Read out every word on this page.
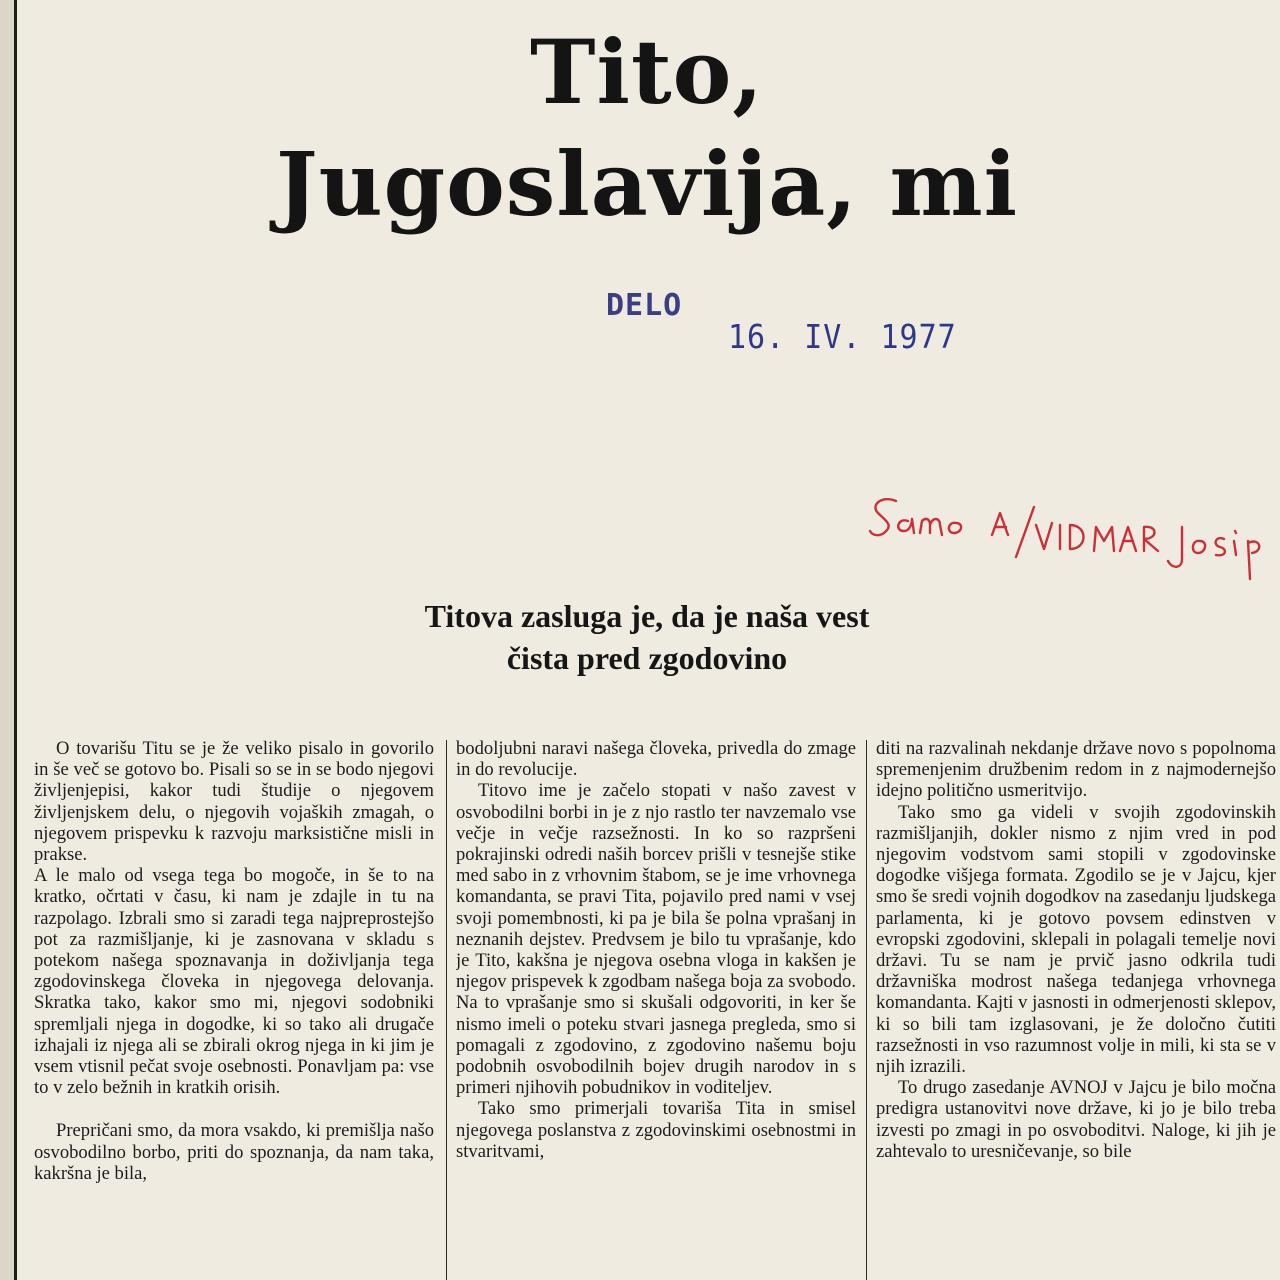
Tito,
Jugoslavija, mi
DELO
16. IV. 1977
Titova zasluga je, da je naša vest
čista pred zgodovino

O tovarišu Titu se je že veliko pisalo in govorilo in še več se gotovo bo. Pisali so se in se bodo njegovi življenjepisi, kakor tudi študije o njegovem življenjskem delu, o njegovih vojaških zmagah, o njegovem prispevku k razvoju marksistične misli in prakse.

A le malo od vsega tega bo mogoče, in še to na kratko, očrtati v času, ki nam je zdajle in tu na razpolago. Izbrali smo si zaradi tega najpreprostejšo pot za razmišljanje, ki je zasnovana v skladu s potekom našega spoznavanja in doživljanja tega zgodovinskega človeka in njegovega delovanja. Skratka tako, kakor smo mi, njegovi sodobniki spremljali njega in dogodke, ki so tako ali drugače izhajali iz njega ali se zbirali okrog njega in ki jim je vsem vtisnil pečat svoje osebnosti. Ponavljam pa: vse to v zelo bežnih in kratkih orisih.

Prepričani smo, da mora vsakdo, ki premišlja našo osvobodilno borbo, priti do spoznanja, da nam taka, kakršna je bila,

bodoljubni naravi našega človeka, privedla do zmage in do revolucije.

Titovo ime je začelo stopati v našo zavest v osvobodilni borbi in je z njo rastlo ter navzemalo vse večje in večje razsežnosti. In ko so razpršeni pokrajinski odredi naših borcev prišli v tesnejše stike med sabo in z vrhovnim štabom, se je ime vrhovnega komandanta, se pravi Tita, pojavilo pred nami v vsej svoji pomembnosti, ki pa je bila še polna vprašanj in neznanih dejstev. Predvsem je bilo tu vprašanje, kdo je Tito, kakšna je njegova osebna vloga in kakšen je njegov prispevek k zgodbam našega boja za svobodo. Na to vprašanje smo si skušali odgovoriti, in ker še nismo imeli o poteku stvari jasnega pregleda, smo si pomagali z zgodovino, z zgodovino našemu boju podobnih osvobodilnih bojev drugih narodov in s primeri njihovih pobudnikov in voditeljev.

Tako smo primerjali tovariša Tita in smisel njegovega poslanstva z zgodovinskimi osebnostmi in stvaritvami,

diti na razvalinah nekdanje države novo s popolnoma spremenjenim družbenim redom in z najmodernejšo idejno politično usmeritvijo.

Tako smo ga videli v svojih zgodovinskih razmišljanjih, dokler nismo z njim vred in pod njegovim vodstvom sami stopili v zgodovinske dogodke višjega formata. Zgodilo se je v Jajcu, kjer smo še sredi vojnih dogodkov na zasedanju ljudskega parlamenta, ki je gotovo povsem edinstven v evropski zgodovini, sklepali in polagali temelje novi državi. Tu se nam je prvič jasno odkrila tudi državniška modrost našega tedanjega vrhovnega komandanta. Kajti v jasnosti in odmerjenosti sklepov, ki so bili tam izglasovani, je že določno čutiti razsežnosti in vso razumnost volje in mili, ki sta se v njih izrazili.

To drugo zasedanje AVNOJ v Jajcu je bilo močna predigra ustanovitvi nove države, ki jo je bilo treba izvesti po zmagi in po osvoboditvi. Naloge, ki jih je zahtevalo to uresničevanje, so bile
